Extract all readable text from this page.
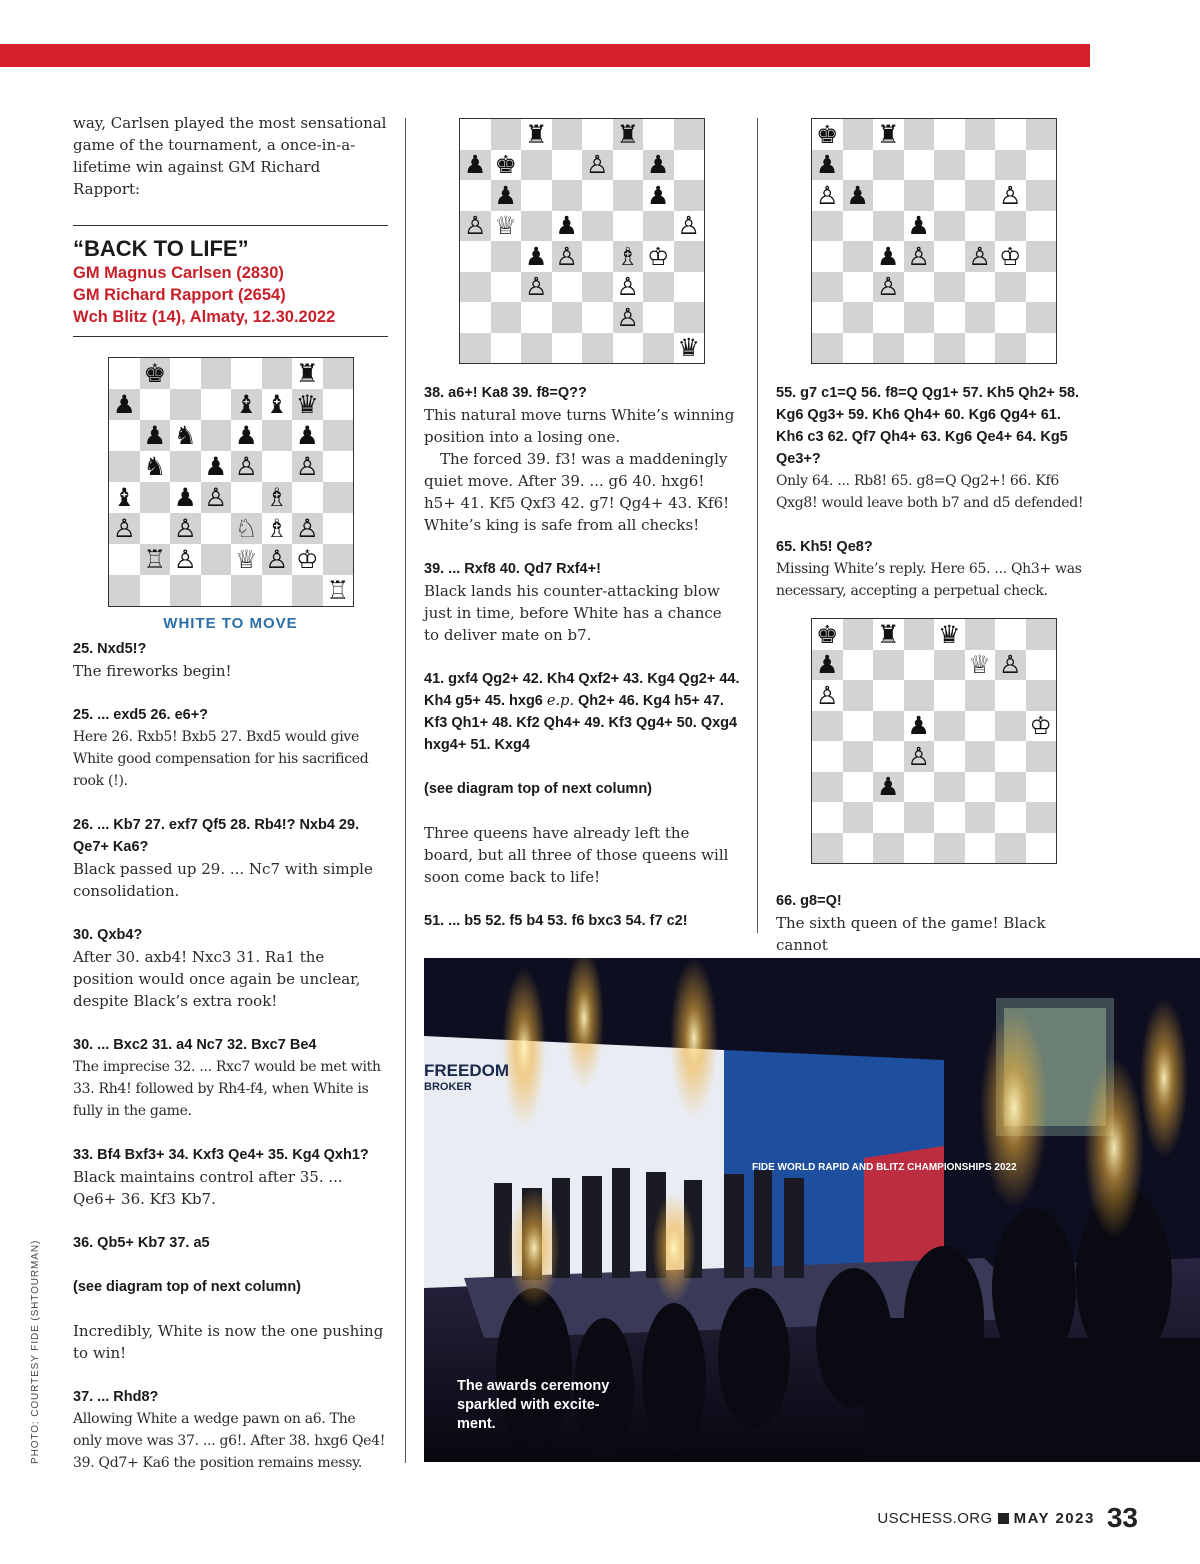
way, Carlsen played the most sensational game of the tournament, a once-in-a-lifetime win against GM Richard Rapport:

“BACK TO LIFE”
GM Magnus Carlsen (2830)
GM Richard Rapport (2654)
Wch Blitz (14), Almaty, 12.30.2022
♚	♜
♟	♝ ♝ ♛
♟ ♞ ♟ ♟
♞ ♟ ♙ ♙
♝ ♟ ♙ ♗
♙ ♙ ♘ ♗ ♙
♖ ♙ ♕ ♙ ♔
♖
WHITE TO MOVE

25. Nxd5!?

The fireworks begin!

25. ... exd5 26. e6+?

Here 26. Rxb5! Bxb5 27. Bxd5 would give White good compensation for his sacrificed rook (!).

26. ... Kb7 27. exf7 Qf5 28. Rb4!? Nxb4 29. Qe7+ Ka6?

Black passed up 29. ... Nc7 with simple consolidation.

30. Qxb4?

After 30. axb4! Nxc3 31. Ra1 the position would once again be unclear, despite Black’s extra rook!

30. ... Bxc2 31. a4 Nc7 32. Bxc7 Be4

The imprecise 32. ... Rxc7 would be met with 33. Rh4! followed by Rh4-f4, when White is fully in the game.

33. Bf4 Bxf3+ 34. Kxf3 Qe4+ 35. Kg4 Qxh1?

Black maintains control after 35. ... Qe6+ 36. Kf3 Kb7.

36. Qb5+ Kb7 37. a5

(see diagram top of next column)

Incredibly, White is now the one pushing to win!

37. ... Rhd8?

Allowing White a wedge pawn on a6. The only move was 37. ... g6!. After 38. hxg6 Qe4! 39. Qd7+ Ka6 the position remains messy.

♜	♜
♟ ♚	♙ ♟
♟	♟
♙ ♕ ♟	♙
♟ ♙ ♗ ♔
♙	♙
♙
♛

38. a6+! Ka8 39. f8=Q??

This natural move turns White’s winning position into a losing one.

The forced 39. f3! was a maddeningly quiet move. After 39. ... g6 40. hxg6! h5+ 41. Kf5 Qxf3 42. g7! Qg4+ 43. Kf6! White’s king is safe from all checks!

39. ... Rxf8 40. Qd7 Rxf4+!

Black lands his counter-attacking blow just in time, before White has a chance to deliver mate on b7.

41. gxf4 Qg2+ 42. Kh4 Qxf2+ 43. Kg4 Qg2+ 44. Kh4 g5+ 45. hxg6 e.p. Qh2+ 46. Kg4 h5+ 47. Kf3 Qh1+ 48. Kf2 Qh4+ 49. Kf3 Qg4+ 50. Qxg4 hxg4+ 51. Kxg4

(see diagram top of next column)

Three queens have already left the board, but all three of those queens will soon come back to life!

51. ... b5 52. f5 b4 53. f6 bxc3 54. f7 c2!

♚ ♜
♟
♙ ♟	♙
♟
♟ ♙ ♙ ♔
♙

55. g7 c1=Q 56. f8=Q Qg1+ 57. Kh5 Qh2+ 58. Kg6 Qg3+ 59. Kh6 Qh4+ 60. Kg6 Qg4+ 61. Kh6 c3 62. Qf7 Qh4+ 63. Kg6 Qe4+ 64. Kg5 Qe3+?

Only 64. ... Rb8! 65. g8=Q Qg2+! 66. Kf6 Qxg8! would leave both b7 and d5 defended!

65. Kh5! Qe8?

Missing White’s reply. Here 65. ... Qh3+ was necessary, accepting a perpetual check.

♚ ♜ ♛
♟	♕ ♙
♙
♟	♔
♙
♟

66. g8=Q!

The sixth queen of the game! Black cannot

FREEDOM
BROKER
FIDE WORLD RAPID AND BLITZ CHAMPIONSHIPS 2022
The awards ceremony sparkled with excite-ment.
PHOTO: COURTESY FIDE (SHTOURMAN)
USCHESS.ORG MAY 2023 33
